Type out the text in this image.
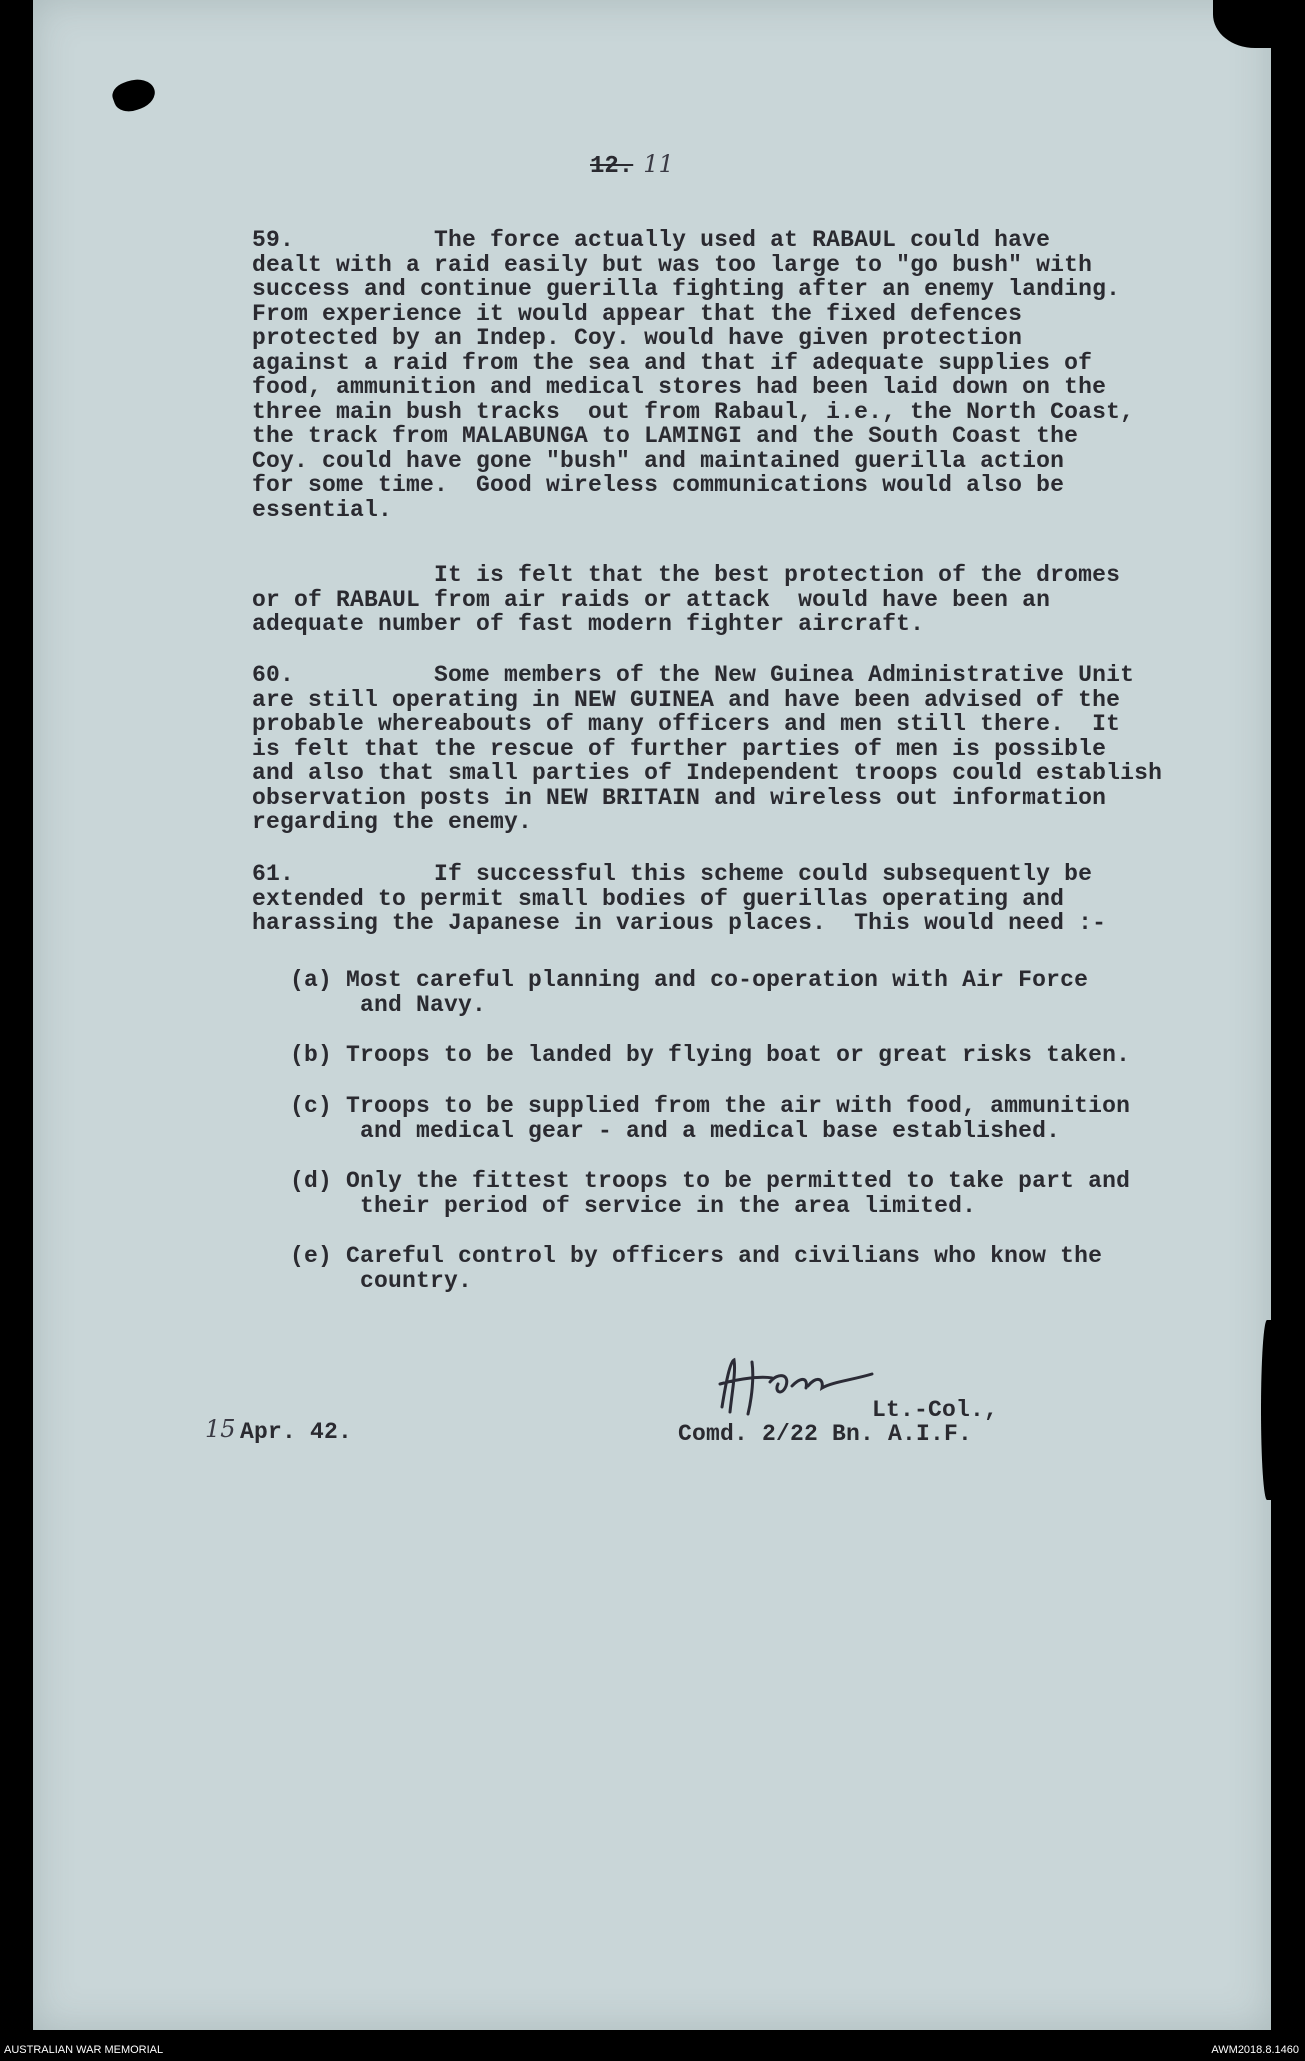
12. 11
59.          The force actually used at RABAUL could have
dealt with a raid easily but was too large to "go bush" with
success and continue guerilla fighting after an enemy landing.
From experience it would appear that the fixed defences
protected by an Indep. Coy. would have given protection
against a raid from the sea and that if adequate supplies of
food, ammunition and medical stores had been laid down on the
three main bush tracks  out from Rabaul, i.e., the North Coast,
the track from MALABUNGA to LAMINGI and the South Coast the
Coy. could have gone "bush" and maintained guerilla action
for some time.  Good wireless communications would also be
essential.
It is felt that the best protection of the dromes
or of RABAUL from air raids or attack  would have been an
adequate number of fast modern fighter aircraft.
60.          Some members of the New Guinea Administrative Unit
are still operating in NEW GUINEA and have been advised of the
probable whereabouts of many officers and men still there.  It
is felt that the rescue of further parties of men is possible
and also that small parties of Independent troops could establish
observation posts in NEW BRITAIN and wireless out information
regarding the enemy.
61.          If successful this scheme could subsequently be
extended to permit small bodies of guerillas operating and
harassing the Japanese in various places.  This would need :-
(a) Most careful planning and co-operation with Air Force
and Navy.
(b) Troops to be landed by flying boat or great risks taken.
(c) Troops to be supplied from the air with food, ammunition
and medical gear - and a medical base established.
(d) Only the fittest troops to be permitted to take part and
their period of service in the area limited.
(e) Careful control by officers and civilians who know the
country.
15 Apr. 42.
Lt.-Col.,
Comd. 2/22 Bn. A.I.F.
AUSTRALIAN WAR MEMORIAL	AWM2018.8.1460
